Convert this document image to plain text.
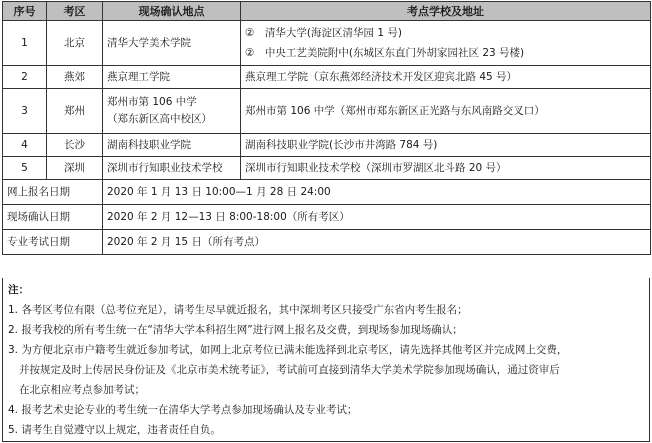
序号	考区	现场确认地点	考点学校及地址
1	北京	清华大学美术学院	②　清华大学(海淀区清华园 1 号)
②　中央工艺美院附中(东城区东直门外胡家园社区 23 号楼)

2	燕郊	燕京理工学院	燕京理工学院（京东燕郊经济技术开发区迎宾北路 45 号）

3	郑州	郑州市第 106 中学
（郑东新区高中校区）	郑州市第 106 中学（郑州市郑东新区正光路与东风南路交叉口）

4	长沙	湖南科技职业学院	湖南科技职业学院(长沙市井湾路 784 号)

5	深圳	深圳市行知职业技术学校	深圳市行知职业技术学校（深圳市罗湖区北斗路 20 号）

网上报名日期		2020 年 1 月 13 日 10:00—1 月 28 日 24:00	
现场确认日期		2020 年 2 月 12—13 日 8:00-18:00（所有考区）	
专业考试日期		2020 年 2 月 15 日（所有考点）	
注：
1. 各考区考位有限（总考位充足），请考生尽早就近报名，其中深圳考区只接受广东省内考生报名；
2. 报考我校的所有考生统一在“清华大学本科招生网”进行网上报名及交费，到现场参加现场确认；
3. 为方便北京市户籍考生就近参加考试，如网上北京考位已满未能选择到北京考区，请先选择其他考区并完成网上交费，
并按规定及时上传居民身份证及《北京市美术统考证》，考试前可直接到清华大学美术学院参加现场确认，通过资审后
在北京相应考点参加考试；
4. 报考艺术史论专业的考生统一在清华大学考点参加现场确认及专业考试；
5. 请考生自觉遵守以上规定，违者责任自负。
